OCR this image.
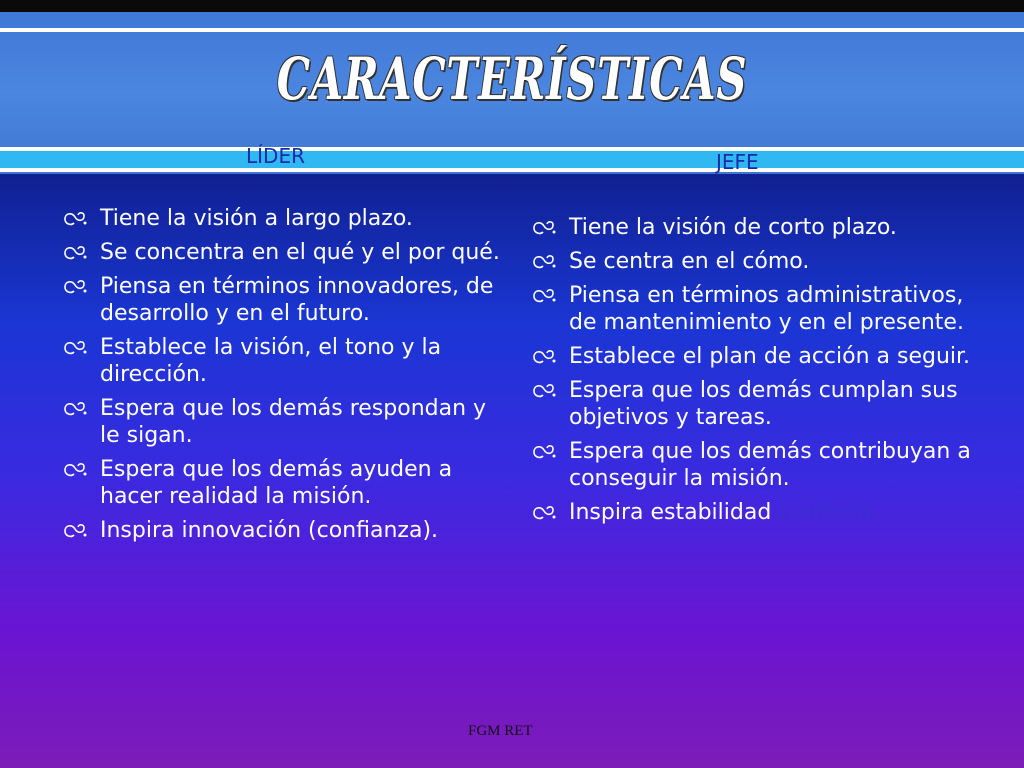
CARACTERÍSTICAS
LÍDER	JEFE
Tiene la visión a largo plazo.
Se concentra en el qué y el por qué.
Piensa en términos innovadores, de desarrollo y en el futuro.
Establece la visión, el tono y la dirección.
Espera que los demás respondan y le sigan.
Espera que los demás ayuden a hacer realidad la misión.
Inspira innovación (confianza).
Tiene la visión de corto plazo.
Se centra en el cómo.
Piensa en términos administrativos, de mantenimiento y en el presente.
Establece el plan de acción a seguir.
Espera que los demás cumplan sus objetivos y tareas.
Espera que los demás contribuyan a conseguir la misión.
Inspira estabilidad (control).
FGM RET
